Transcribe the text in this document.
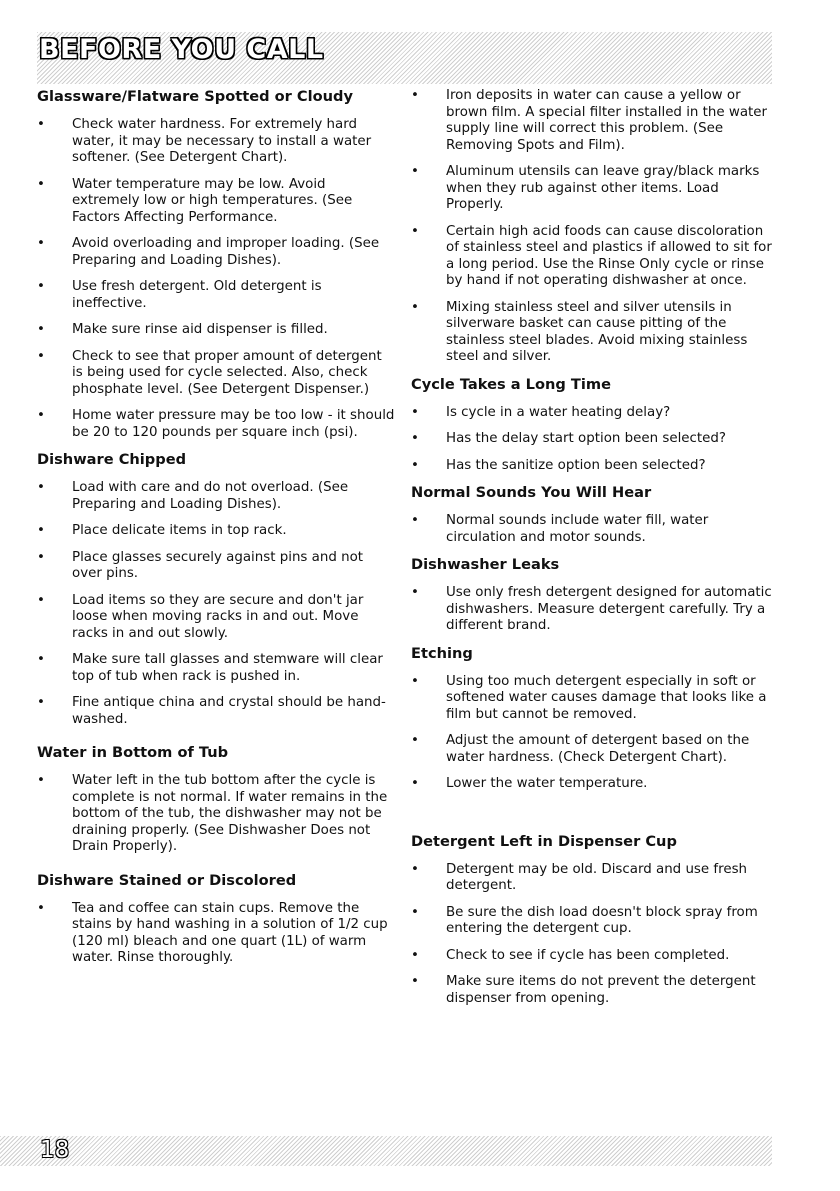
BEFORE YOU CALL
Glassware/Flatware Spotted or Cloudy
• Check water hardness. For extremely hard water, it may be necessary to install a water softener. (See Detergent Chart).
• Water temperature may be low. Avoid extremely low or high temperatures. (See Factors Affecting Performance.
• Avoid overloading and improper loading. (See Preparing and Loading Dishes).
• Use fresh detergent. Old detergent is ineffective.
• Make sure rinse aid dispenser is filled.
• Check to see that proper amount of detergent is being used for cycle selected. Also, check phosphate level. (See Detergent Dispenser.)
• Home water pressure may be too low - it should be 20 to 120 pounds per square inch (psi).
Dishware Chipped
• Load with care and do not overload. (See Preparing and Loading Dishes).
• Place delicate items in top rack.
• Place glasses securely against pins and not over pins.
• Load items so they are secure and don't jar loose when moving racks in and out. Move racks in and out slowly.
• Make sure tall glasses and stemware will clear top of tub when rack is pushed in.
• Fine antique china and crystal should be hand-washed.
Water in Bottom of Tub
• Water left in the tub bottom after the cycle is complete is not normal. If water remains in the bottom of the tub, the dishwasher may not be draining properly. (See Dishwasher Does not Drain Properly).
Dishware Stained or Discolored
• Tea and coffee can stain cups. Remove the stains by hand washing in a solution of 1/2 cup (120 ml) bleach and one quart (1L) of warm water. Rinse thoroughly.
• Iron deposits in water can cause a yellow or brown film. A special filter installed in the water supply line will correct this problem. (See Removing Spots and Film).
• Aluminum utensils can leave gray/black marks when they rub against other items. Load Properly.
• Certain high acid foods can cause discoloration of stainless steel and plastics if allowed to sit for a long period. Use the Rinse Only cycle or rinse by hand if not operating dishwasher at once.
• Mixing stainless steel and silver utensils in silverware basket can cause pitting of the stainless steel blades. Avoid mixing stainless steel and silver.
Cycle Takes a Long Time
• Is cycle in a water heating delay?
• Has the delay start option been selected?
• Has the sanitize option been selected?
Normal Sounds You Will Hear
• Normal sounds include water fill, water circulation and motor sounds.
Dishwasher Leaks
• Use only fresh detergent designed for automatic dishwashers. Measure detergent carefully. Try a different brand.
Etching
• Using too much detergent especially in soft or softened water causes damage that looks like a film but cannot be removed.
• Adjust the amount of detergent based on the water hardness. (Check Detergent Chart).
• Lower the water temperature.
Detergent Left in Dispenser Cup
• Detergent may be old. Discard and use fresh detergent.
• Be sure the dish load doesn't block spray from entering the detergent cup.
• Check to see if cycle has been completed.
• Make sure items do not prevent the detergent dispenser from opening.
18
